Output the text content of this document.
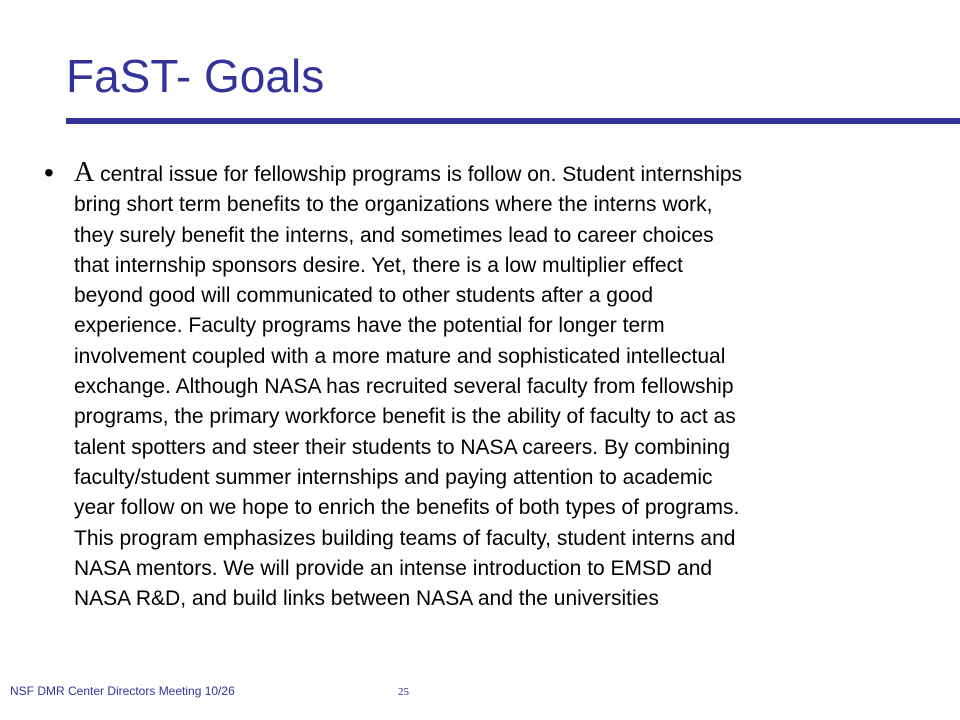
FaST- Goals
• A central issue for fellowship programs is follow on. Student internships
bring short term benefits to the organizations where the interns work,
they surely benefit the interns, and sometimes lead to career choices
that internship sponsors desire. Yet, there is a low multiplier effect
beyond good will communicated to other students after a good
experience. Faculty programs have the potential for longer term
involvement coupled with a more mature and sophisticated intellectual
exchange. Although NASA has recruited several faculty from fellowship
programs, the primary workforce benefit is the ability of faculty to act as
talent spotters and steer their students to NASA careers. By combining
faculty/student summer internships and paying attention to academic
year follow on we hope to enrich the benefits of both types of programs.
This program emphasizes building teams of faculty, student interns and
NASA mentors. We will provide an intense introduction to EMSD and
NASA R&D, and build links between NASA and the universities

NSF DMR Center Directors Meeting 10/26	25
